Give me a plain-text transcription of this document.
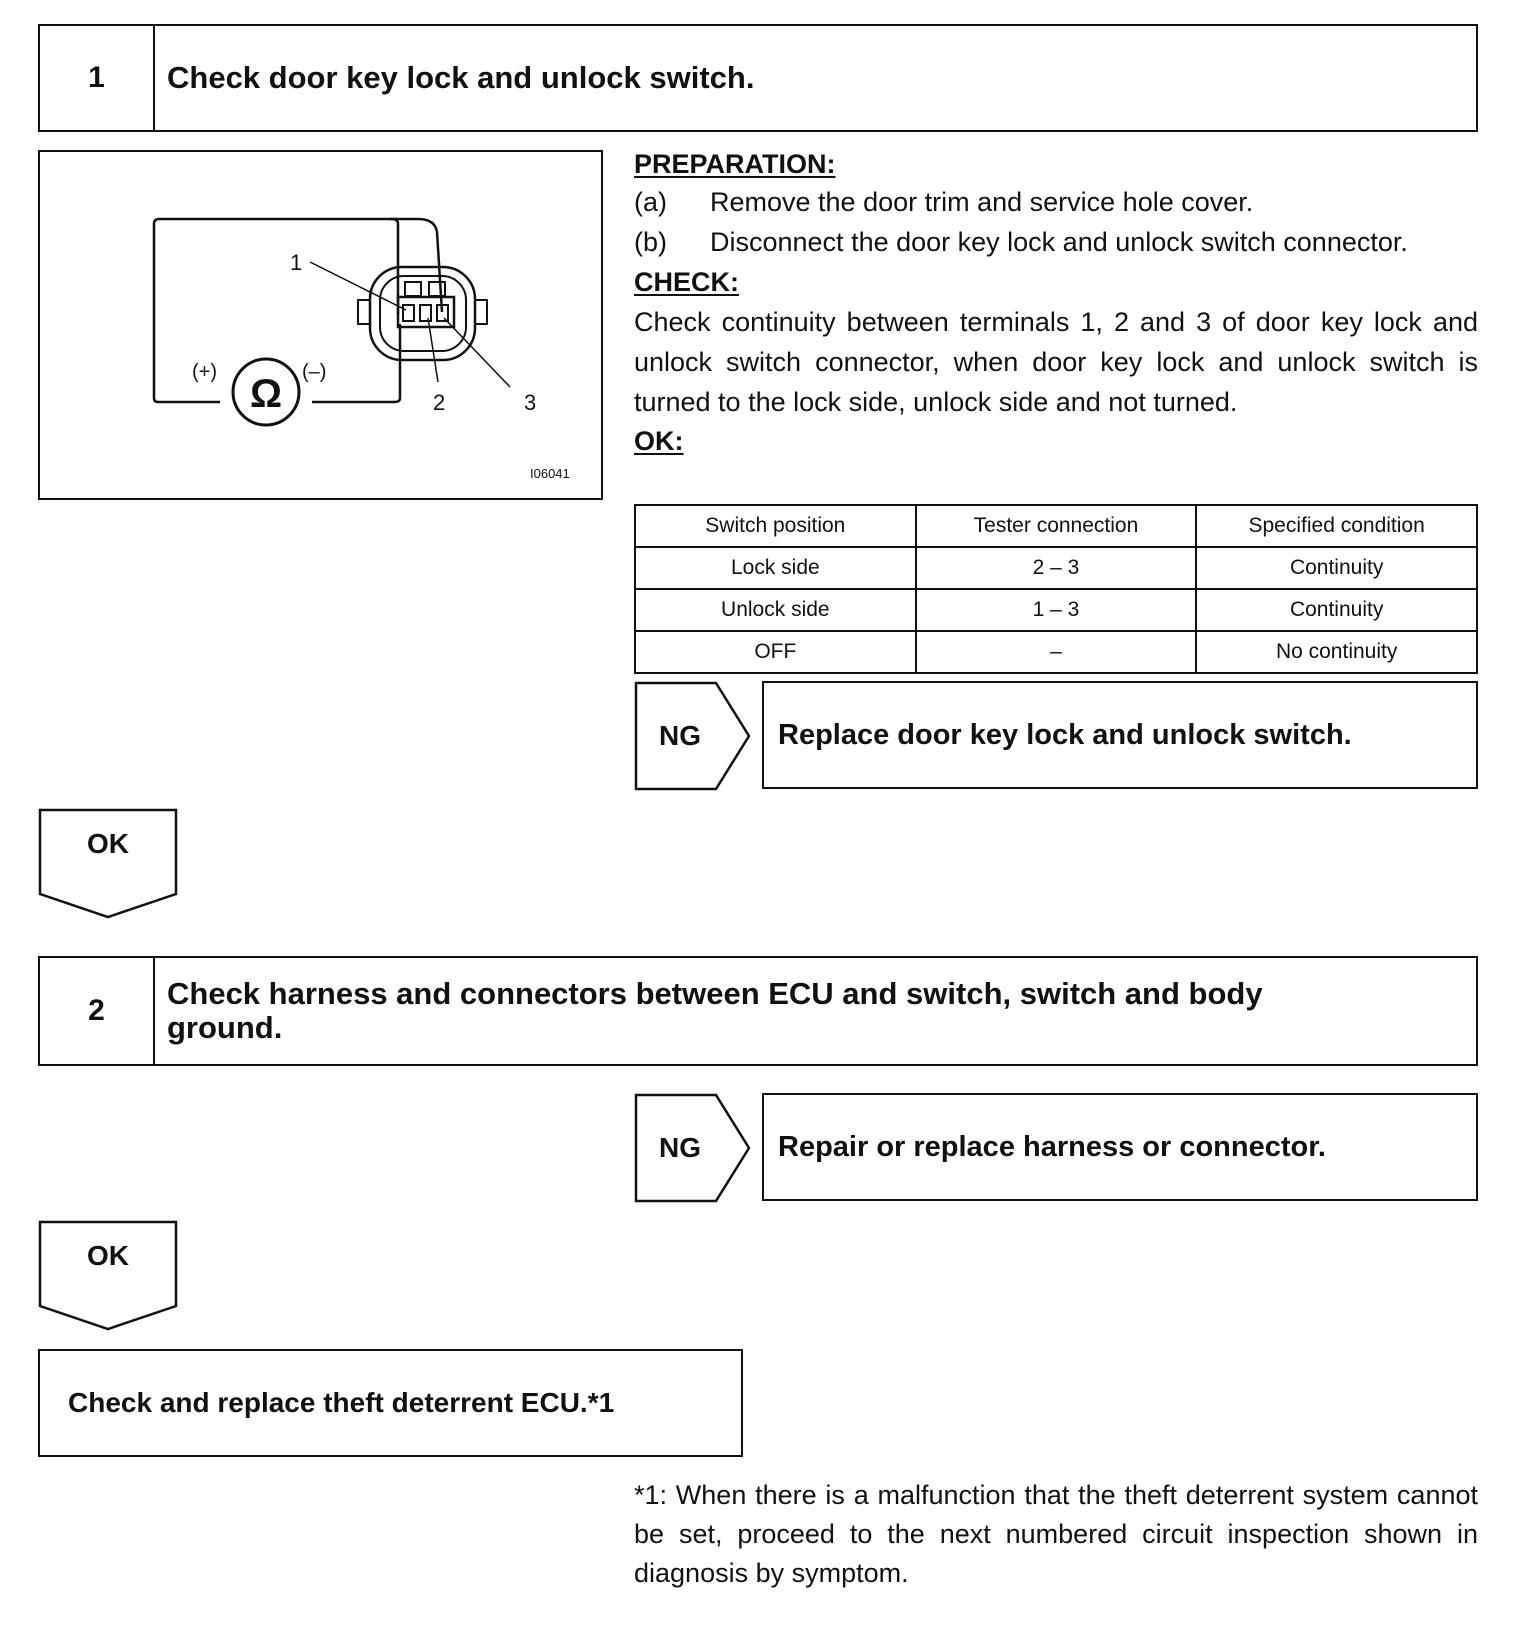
1	Check door key lock and unlock switch.
Ω
(+)	(–)
1
2	3
I06041
PREPARATION:
(a)	Remove the door trim and service hole cover.
(b)	Disconnect the door key lock and unlock switch connector.
CHECK:
Check continuity between terminals 1, 2 and 3 of door key lock and unlock switch connector, when door key lock and unlock switch is turned to the lock side, unlock side and not turned.
OK:
Switch position	Tester connection	Specified condition
Lock side	2 – 3	Continuity
Unlock side	1 – 3	Continuity
OFF	–	No continuity
NG	Replace door key lock and unlock switch.
OK
2	Check harness and connectors between ECU and switch, switch and body ground.
NG	Repair or replace harness or connector.
OK
Check and replace theft deterrent ECU.*1
*1: When there is a malfunction that the theft deterrent system cannot be set, proceed to the next numbered circuit inspection shown in diagnosis by symptom.
